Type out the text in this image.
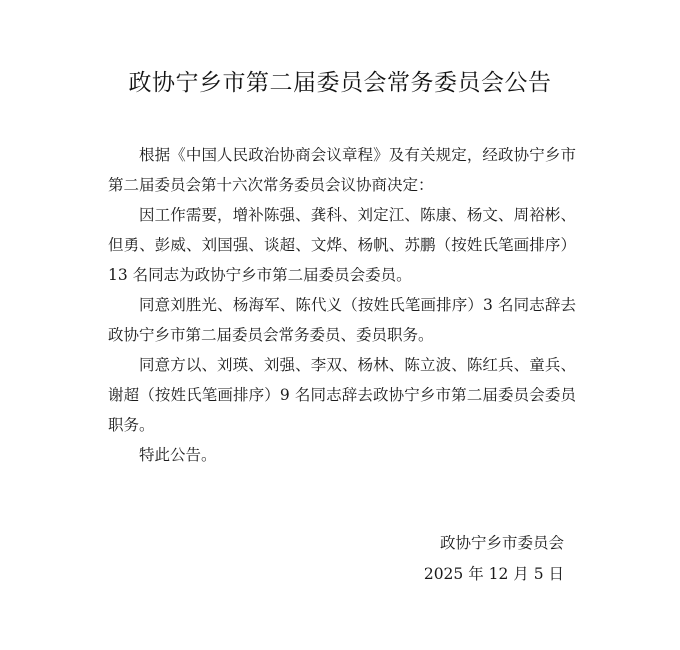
政协宁乡市第二届委员会常务委员会公告

根据《中国人民政治协商会议章程》及有关规定，经政协宁乡市第二届委员会第十六次常务委员会议协商决定：

因工作需要，增补陈强、龚科、刘定江、陈康、杨文、周裕彬、但勇、彭威、刘国强、谈超、文烨、杨帆、苏鹏（按姓氏笔画排序）13 名同志为政协宁乡市第二届委员会委员。

同意刘胜光、杨海军、陈代义（按姓氏笔画排序）3 名同志辞去政协宁乡市第二届委员会常务委员、委员职务。

同意方以、刘瑛、刘强、李双、杨林、陈立波、陈红兵、童兵、谢超（按姓氏笔画排序）9 名同志辞去政协宁乡市第二届委员会委员职务。

特此公告。

政协宁乡市委员会
2025 年 12 月 5 日
